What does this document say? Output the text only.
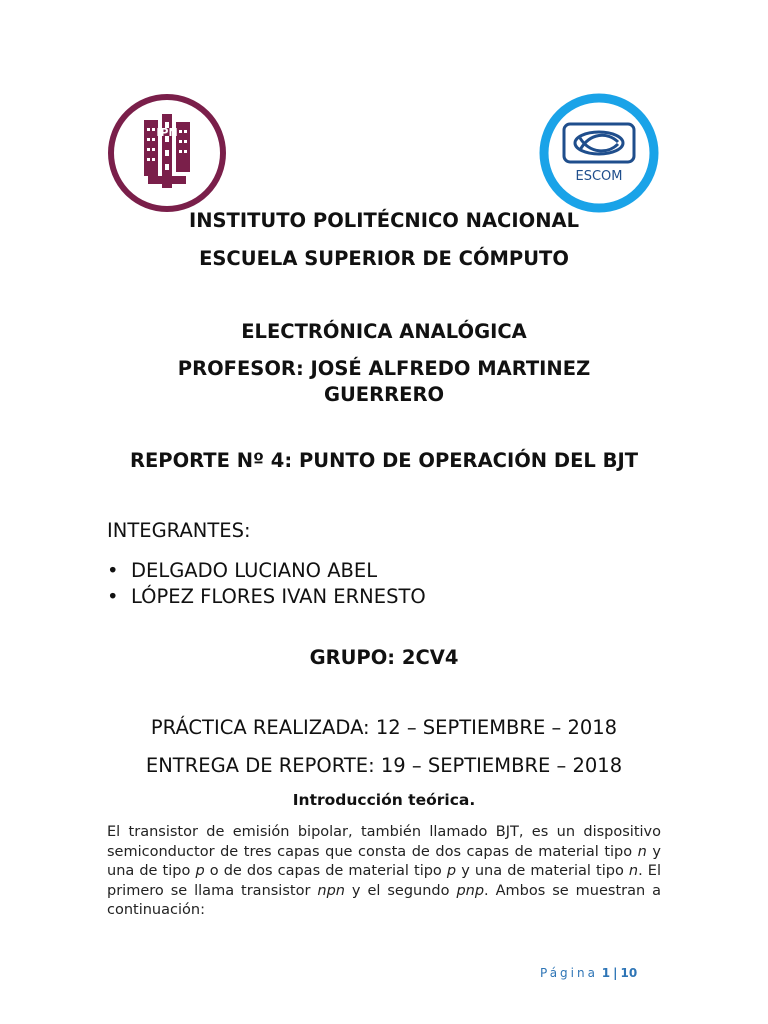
IPN
ESCOM
INSTITUTO POLITÉCNICO NACIONAL
ESCUELA SUPERIOR DE CÓMPUTO
ELECTRÓNICA ANALÓGICA
PROFESOR: JOSÉ ALFREDO MARTINEZ
GUERRERO
REPORTE Nº 4: PUNTO DE OPERACIÓN DEL BJT
INTEGRANTES:
• DELGADO LUCIANO ABEL
• LÓPEZ FLORES IVAN ERNESTO
GRUPO: 2CV4
PRÁCTICA REALIZADA: 12 – SEPTIEMBRE – 2018
ENTREGA DE REPORTE: 19 – SEPTIEMBRE – 2018
Introducción teórica.
El transistor de emisión bipolar, también llamado BJT, es un dispositivo semiconductor de tres capas que consta de dos capas de material tipo n y una de tipo p o de dos capas de material tipo p y una de material tipo n. El primero se llama transistor npn y el segundo pnp. Ambos se muestran a continuación:
Página 1 | 10
